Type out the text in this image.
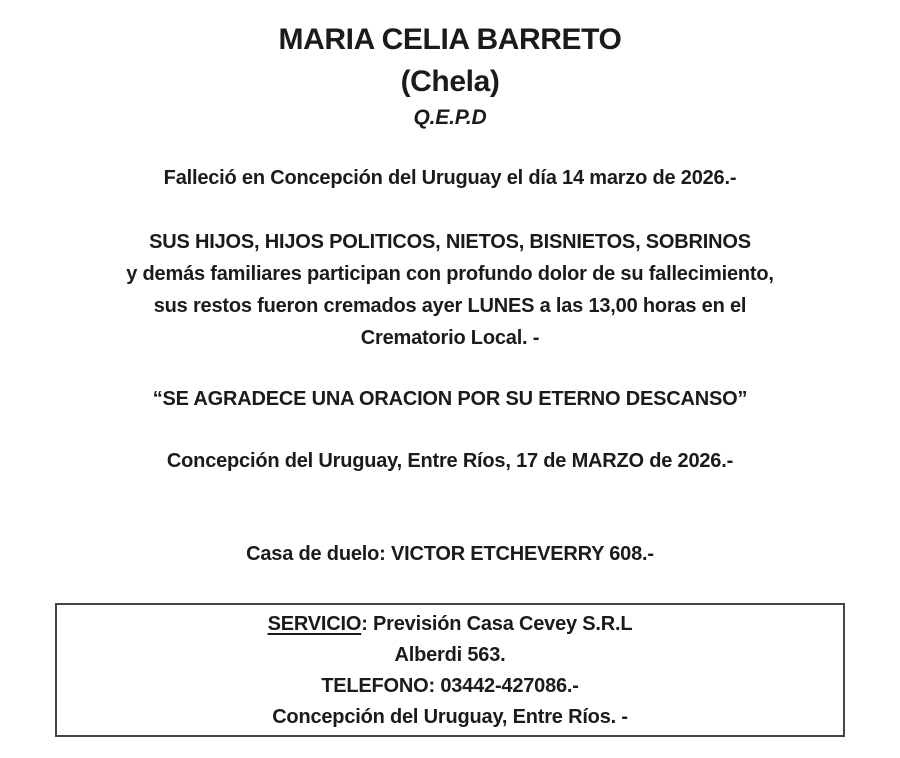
MARIA CELIA BARRETO
(Chela)
Q.E.P.D
Falleció en Concepción del Uruguay el día 14 marzo de 2026.-
SUS HIJOS, HIJOS POLITICOS, NIETOS, BISNIETOS, SOBRINOS
y demás familiares participan con profundo dolor de su fallecimiento,
sus restos fueron cremados ayer LUNES a las 13,00 horas en el
Crematorio Local. -
“SE AGRADECE UNA ORACION POR SU ETERNO DESCANSO”
Concepción del Uruguay, Entre Ríos, 17 de MARZO de 2026.-
Casa de duelo: VICTOR ETCHEVERRY 608.-
SERVICIO: Previsión Casa Cevey S.R.L
Alberdi 563.
TELEFONO: 03442-427086.-
Concepción del Uruguay, Entre Ríos. -
